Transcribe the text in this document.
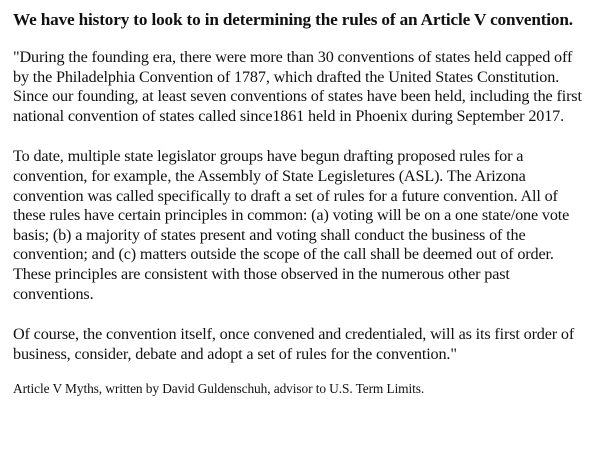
We have history to look to in determining the rules of an Article V convention.

"During the founding era, there were more than 30 conventions of states held capped off by the Philadelphia Convention of 1787, which drafted the United States Constitution. Since our founding, at least seven conventions of states have been held, including the first national convention of states called since1861 held in Phoenix during September 2017.

To date, multiple state legislator groups have begun drafting proposed rules for a convention, for example, the Assembly of State Legisletures (ASL). The Arizona convention was called specifically to draft a set of rules for a future convention. All of these rules have certain principles in common: (a) voting will be on a one state/one vote basis; (b) a majority of states present and voting shall conduct the business of the convention; and (c) matters outside the scope of the call shall be deemed out of order. These principles are consistent with those observed in the numerous other past conventions.

Of course, the convention itself, once convened and credentialed, will as its first order of business, consider, debate and adopt a set of rules for the convention."

Article V Myths, written by David Guldenschuh, advisor to U.S. Term Limits.
